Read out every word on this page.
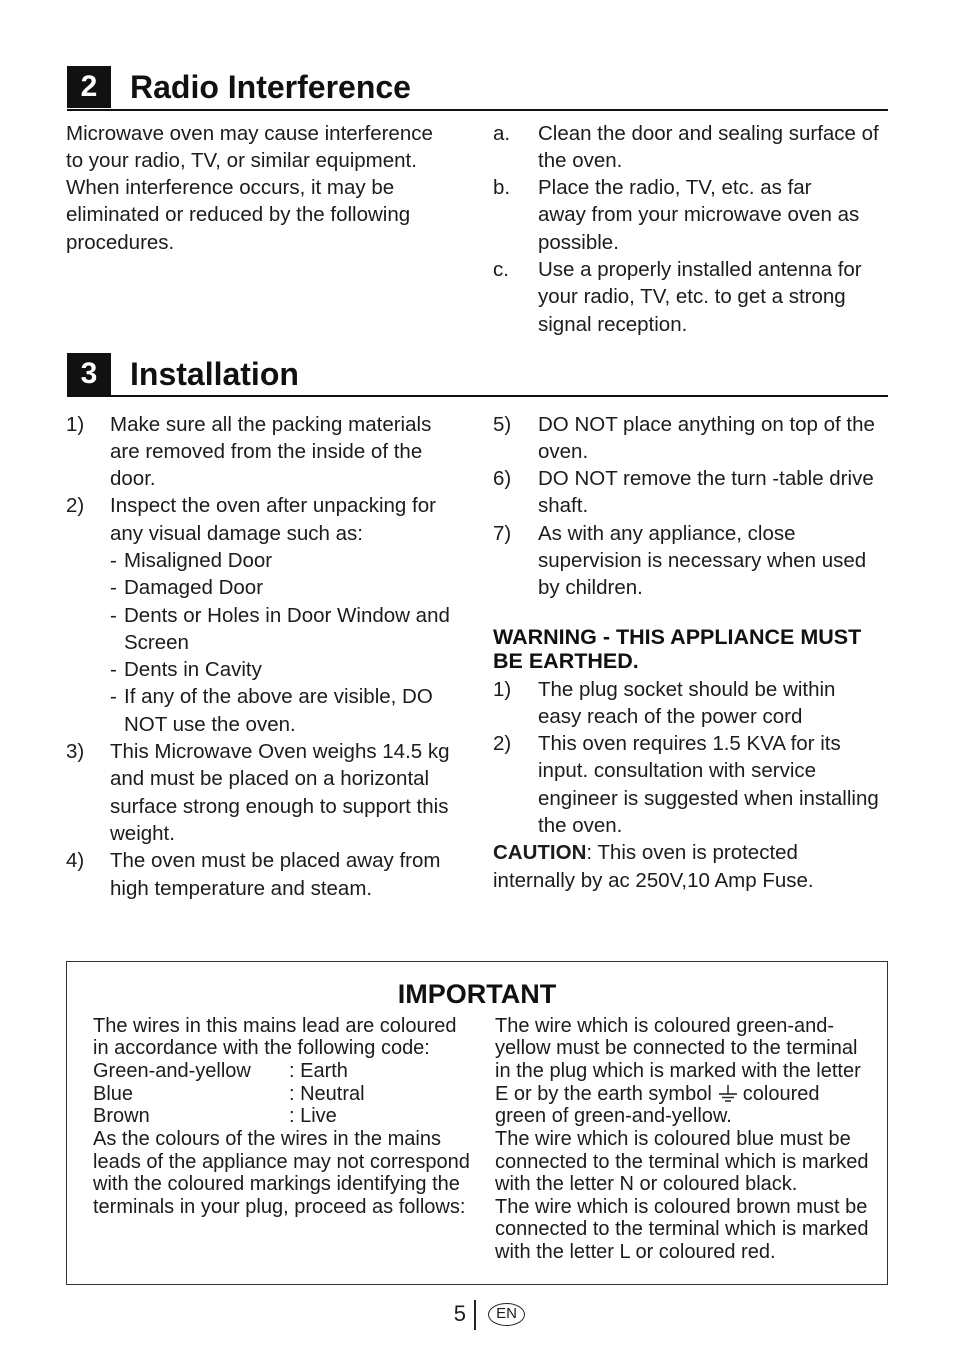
2	Radio Interference
Microwave oven may cause interference
to your radio, TV, or similar equipment.
When interference occurs, it may be
eliminated or reduced by the following
procedures.
a.	Clean the door and sealing surface of
the oven.
b.	Place the radio, TV, etc. as far
away from your microwave oven as
possible.
c.	Use a properly installed antenna for
your radio, TV, etc. to get a strong
signal reception.
3	Installation
1)	Make sure all the packing materials
are removed from the inside of the
door.
2)	Inspect the oven after unpacking for
any visual damage such as:
- Misaligned Door
- Damaged Door
- Dents or Holes in Door Window and
Screen
- Dents in Cavity
- If any of the above are visible, DO
NOT use the oven.
3)	This Microwave Oven weighs 14.5 kg
and must be placed on a horizontal
surface strong enough to support this
weight.
4)	The oven must be placed away from
high temperature and steam.
5)	DO NOT place anything on top of the
oven.
6)	DO NOT remove the turn -table drive
shaft.
7)	As with any appliance, close
supervision is necessary when used
by children.
WARNING - THIS APPLIANCE MUST
BE EARTHED.
1)	The plug socket should be within
easy reach of the power cord
2)	This oven requires 1.5 KVA for its
input. consultation with service
engineer is suggested when installing
the oven.
CAUTION: This oven is protected
internally by ac 250V,10 Amp Fuse.
IMPORTANT
The wires in this mains lead are coloured
in accordance with the following code:
Green-and-yellow	: Earth
Blue	: Neutral
Brown	: Live
As the colours of the wires in the mains
leads of the appliance may not correspond
with the coloured markings identifying the
terminals in your plug, proceed as follows:
The wire which is coloured green-and-
yellow must be connected to the terminal
in the plug which is marked with the letter
E or by the earth symbol coloured
green of green-and-yellow.
The wire which is coloured blue must be
connected to the terminal which is marked
with the letter N or coloured black.
The wire which is coloured brown must be
connected to the terminal which is marked
with the letter L or coloured red.
5	EN
